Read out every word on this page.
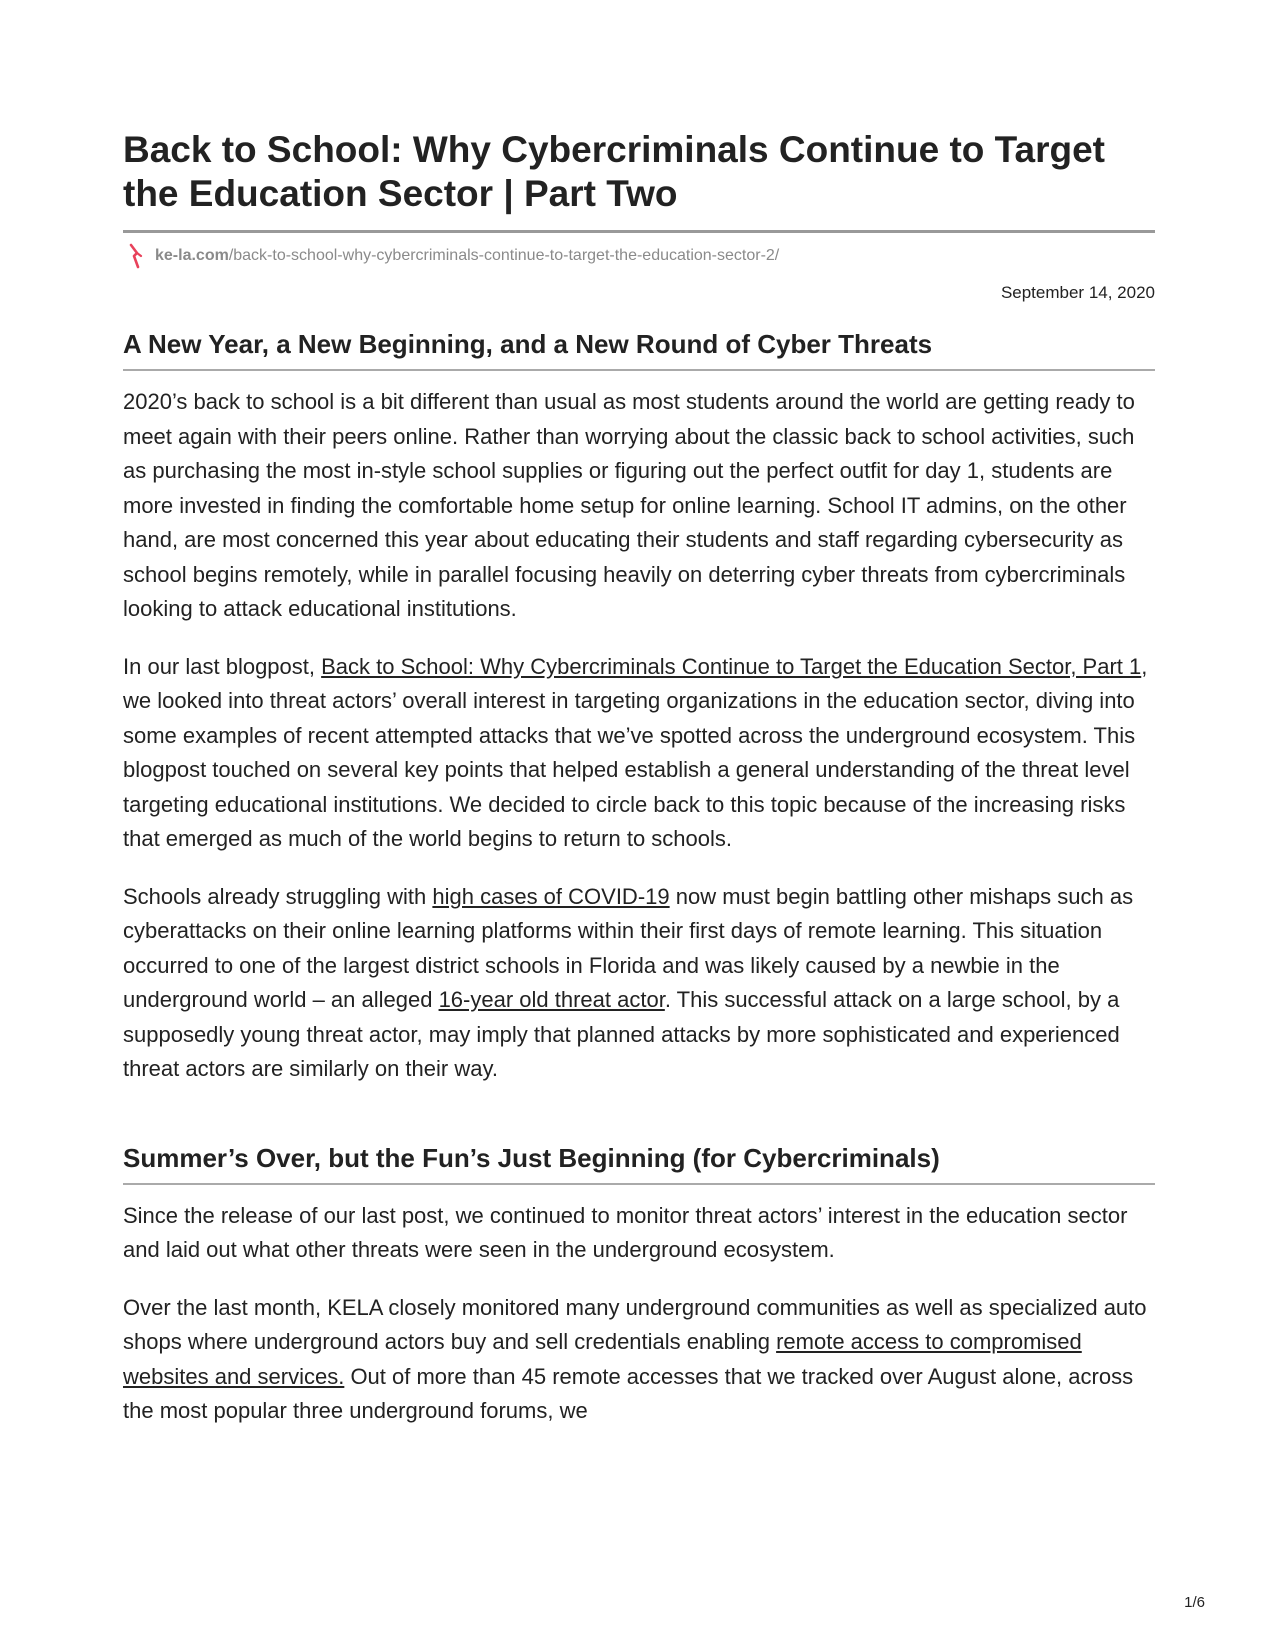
Back to School: Why Cybercriminals Continue to Target the Education Sector | Part Two
ke-la.com /back-to-school-why-cybercriminals-continue-to-target-the-education-sector-2/
September 14, 2020
A New Year, a New Beginning, and a New Round of Cyber Threats

2020’s back to school is a bit different than usual as most students around the world are getting ready to meet again with their peers online. Rather than worrying about the classic back to school activities, such as purchasing the most in-style school supplies or figuring out the perfect outfit for day 1, students are more invested in finding the comfortable home setup for online learning. School IT admins, on the other hand, are most concerned this year about educating their students and staff regarding cybersecurity as school begins remotely, while in parallel focusing heavily on deterring cyber threats from cybercriminals looking to attack educational institutions.

In our last blogpost, Back to School: Why Cybercriminals Continue to Target the Education Sector, Part 1, we looked into threat actors’ overall interest in targeting organizations in the education sector, diving into some examples of recent attempted attacks that we’ve spotted across the underground ecosystem. This blogpost touched on several key points that helped establish a general understanding of the threat level targeting educational institutions. We decided to circle back to this topic because of the increasing risks that emerged as much of the world begins to return to schools.

Schools already struggling with high cases of COVID-19 now must begin battling other mishaps such as cyberattacks on their online learning platforms within their first days of remote learning. This situation occurred to one of the largest district schools in Florida and was likely caused by a newbie in the underground world – an alleged 16-year old threat actor. This successful attack on a large school, by a supposedly young threat actor, may imply that planned attacks by more sophisticated and experienced threat actors are similarly on their way.

Summer’s Over, but the Fun’s Just Beginning (for Cybercriminals)

Since the release of our last post, we continued to monitor threat actors’ interest in the education sector and laid out what other threats were seen in the underground ecosystem.

Over the last month, KELA closely monitored many underground communities as well as specialized auto shops where underground actors buy and sell credentials enabling remote access to compromised websites and services. Out of more than 45 remote accesses that we tracked over August alone, across the most popular three underground forums, we

1/6
